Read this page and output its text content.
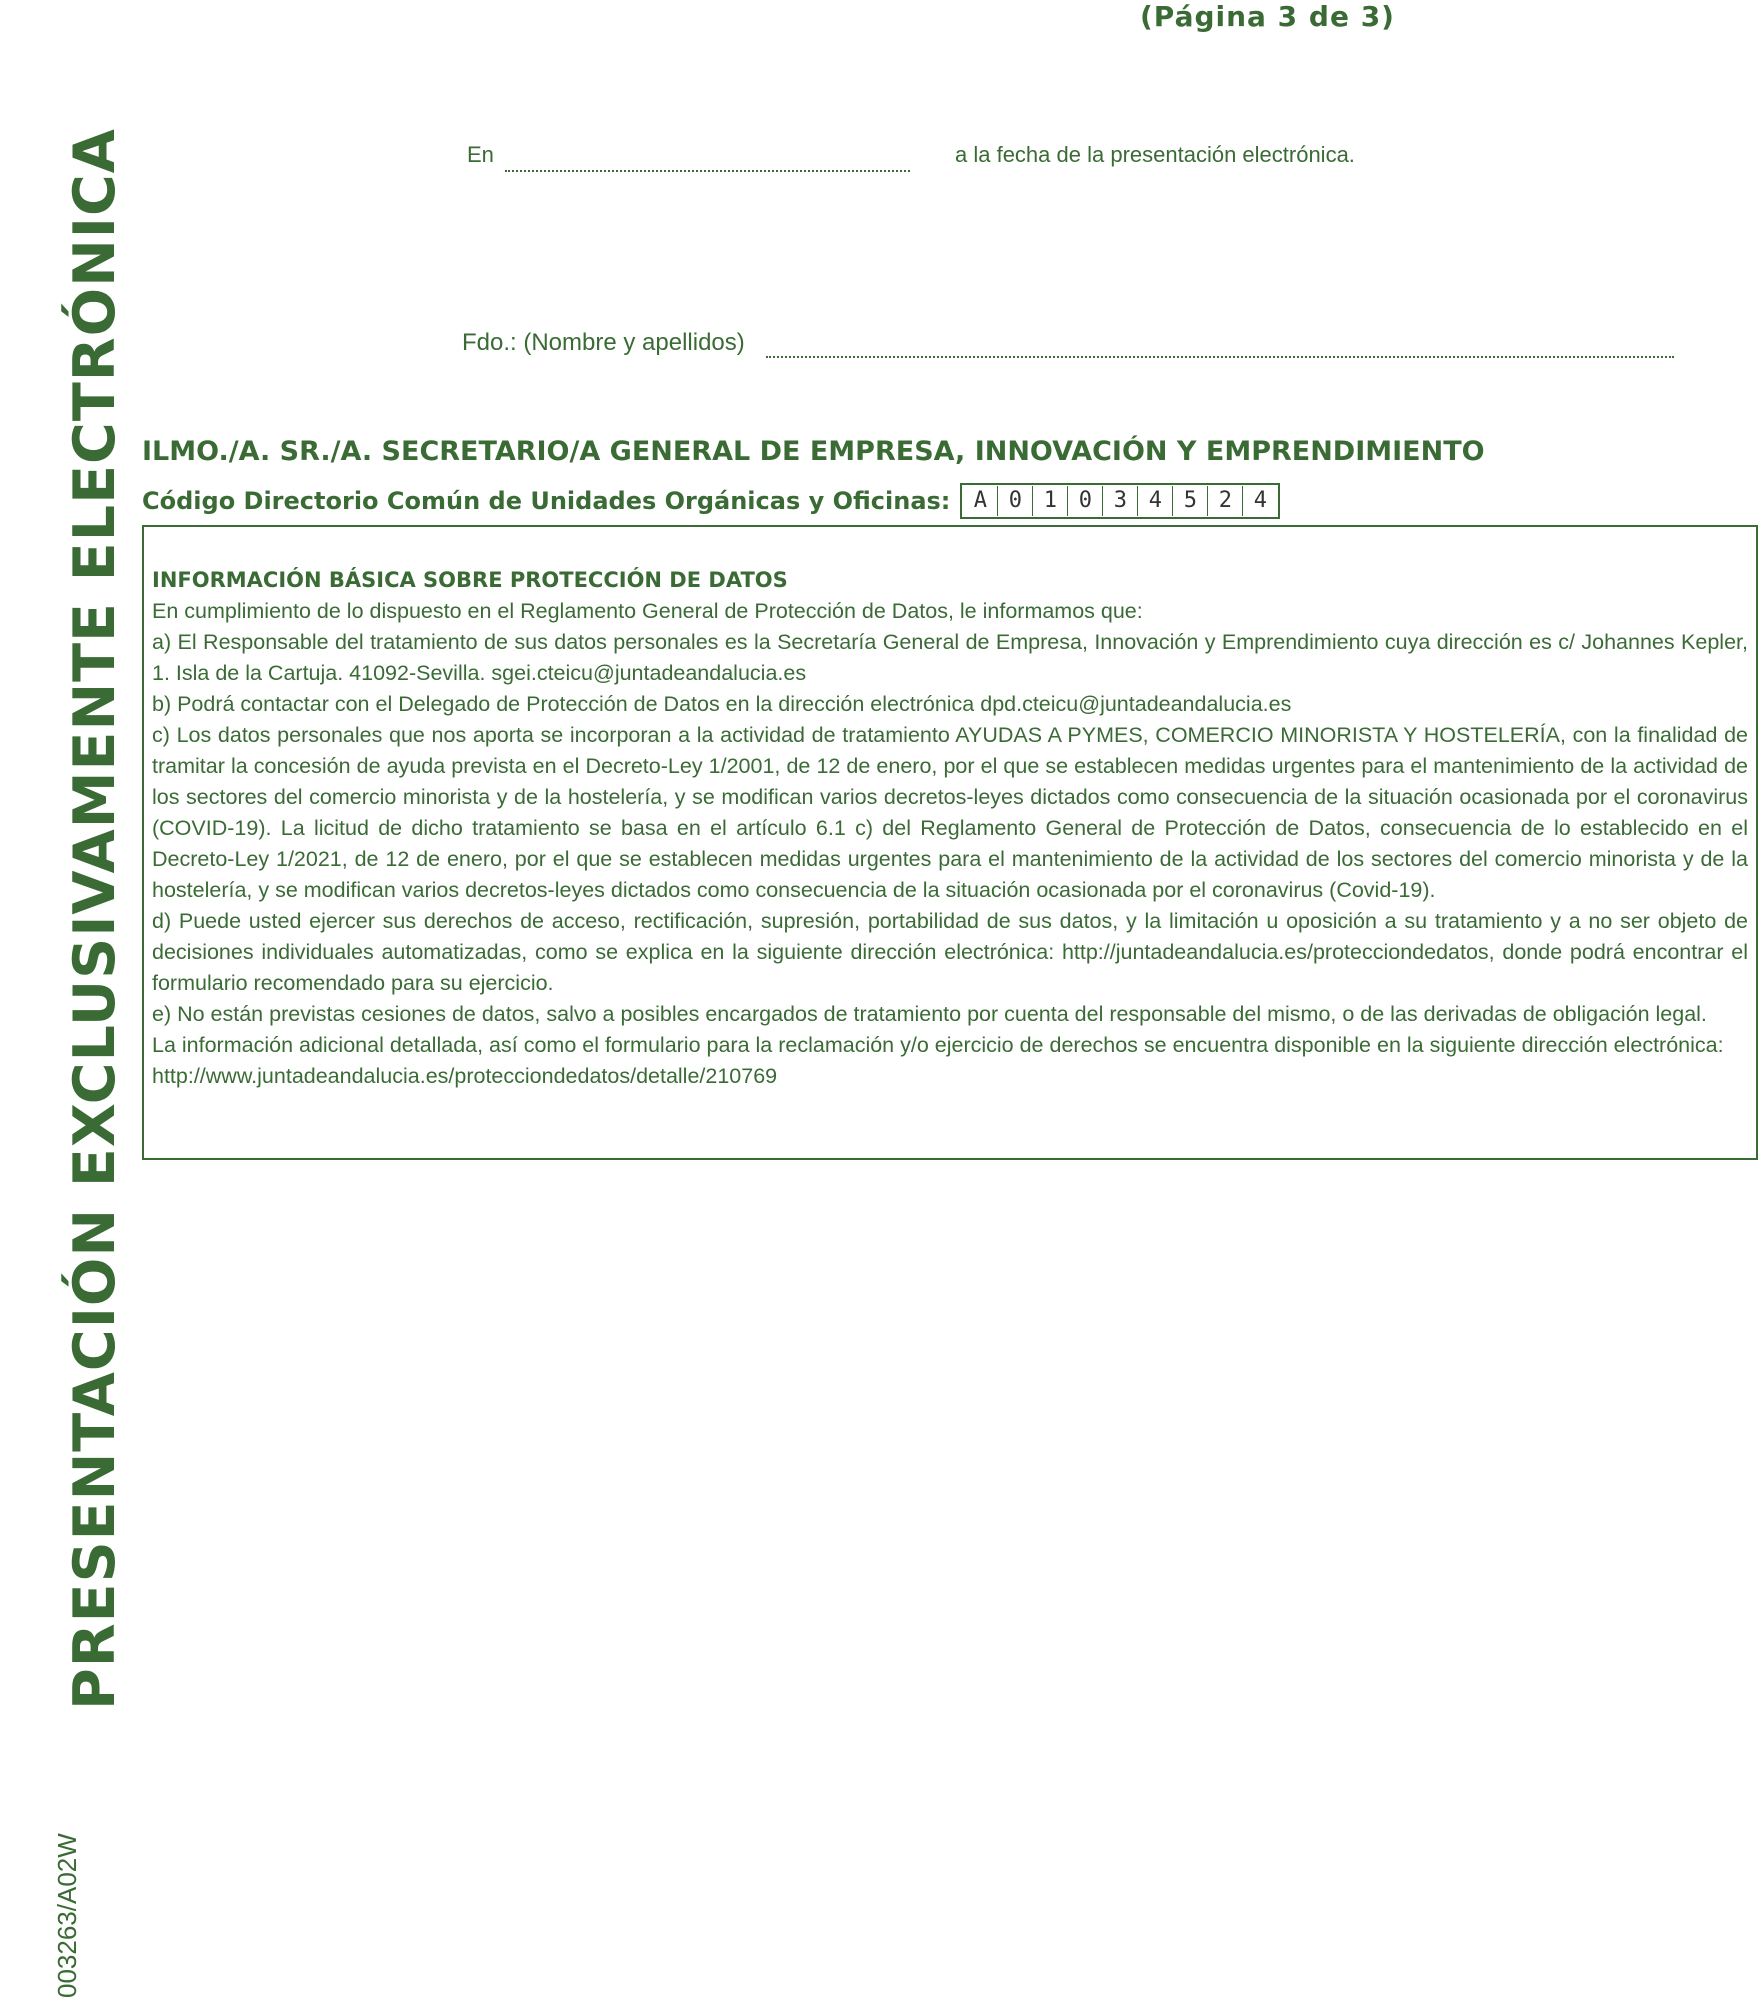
(Página 3 de 3)
PRESENTACIÓN EXCLUSIVAMENTE ELECTRÓNICA
003263/A02W
En	a la fecha de la presentación electrónica.
Fdo.: (Nombre y apellidos)
ILMO./A. SR./A. SECRETARIO/A GENERAL DE EMPRESA, INNOVACIÓN Y EMPRENDIMIENTO
Código Directorio Común de Unidades Orgánicas y Oficinas:	A 0 1 0 3 4 5 2 4
INFORMACIÓN BÁSICA SOBRE PROTECCIÓN DE DATOS

En cumplimiento de lo dispuesto en el Reglamento General de Protección de Datos, le informamos que:

a) El Responsable del tratamiento de sus datos personales es la Secretaría General de Empresa, Innovación y Emprendimiento cuya dirección es c/ Johannes Kepler, 1. Isla de la Cartuja. 41092-Sevilla. sgei.cteicu@juntadeandalucia.es

b) Podrá contactar con el Delegado de Protección de Datos en la dirección electrónica dpd.cteicu@juntadeandalucia.es

c) Los datos personales que nos aporta se incorporan a la actividad de tratamiento AYUDAS A PYMES, COMERCIO MINORISTA Y HOSTELERÍA, con la finalidad de tramitar la concesión de ayuda prevista en el Decreto-Ley 1/2001, de 12 de enero, por el que se establecen medidas urgentes para el mantenimiento de la actividad de los sectores del comercio minorista y de la hostelería, y se modifican varios decretos-leyes dictados como consecuencia de la situación ocasionada por el coronavirus (COVID-19). La licitud de dicho tratamiento se basa en el artículo 6.1 c) del Reglamento General de Protección de Datos, consecuencia de lo establecido en el Decreto-Ley 1/2021, de 12 de enero, por el que se establecen medidas urgentes para el mantenimiento de la actividad de los sectores del comercio minorista y de la hostelería, y se modifican varios decretos-leyes dictados como consecuencia de la situación ocasionada por el coronavirus (Covid-19).

d) Puede usted ejercer sus derechos de acceso, rectificación, supresión, portabilidad de sus datos, y la limitación u oposición a su tratamiento y a no ser objeto de decisiones individuales automatizadas, como se explica en la siguiente dirección electrónica: http://juntadeandalucia.es/protecciondedatos, donde podrá encontrar el formulario recomendado para su ejercicio.

e) No están previstas cesiones de datos, salvo a posibles encargados de tratamiento por cuenta del responsable del mismo, o de las derivadas de obligación legal.

La información adicional detallada, así como el formulario para la reclamación y/o ejercicio de derechos se encuentra disponible en la siguiente dirección electrónica:

http://www.juntadeandalucia.es/protecciondedatos/detalle/210769
